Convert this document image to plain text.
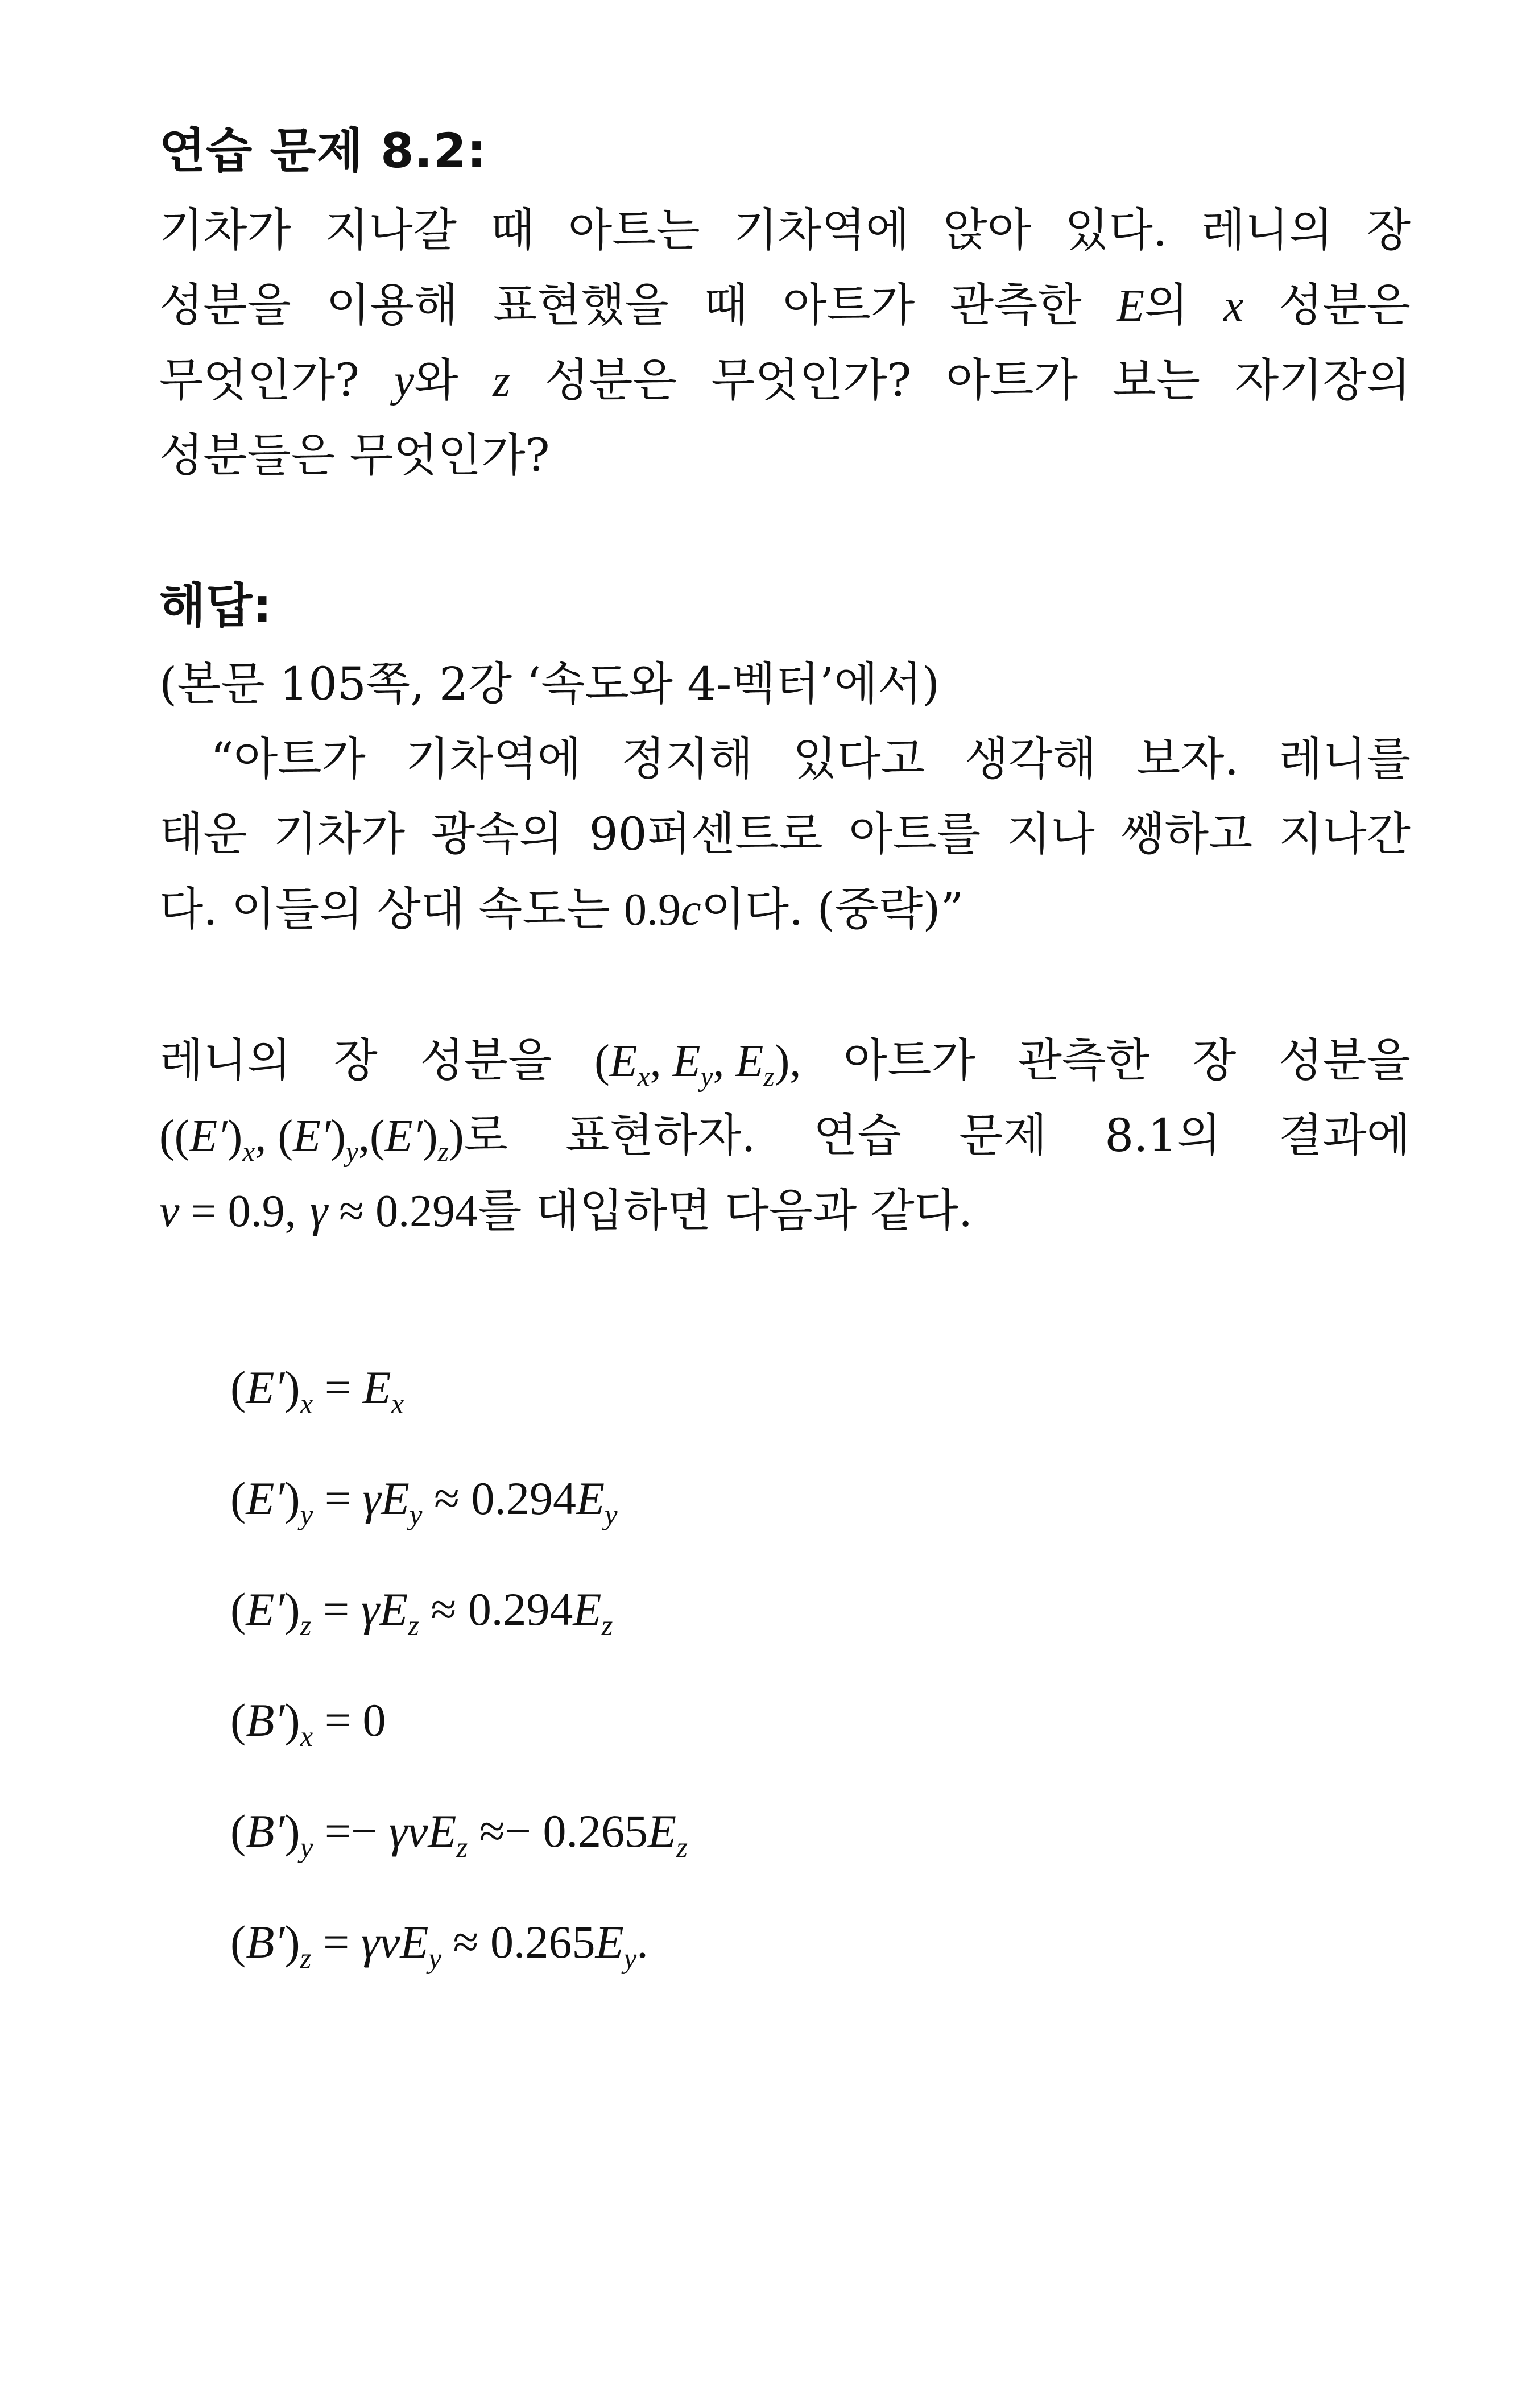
연습 문제 8.2:
기차가 지나갈 때 아트는 기차역에 앉아 있다. 레니의 장
성분을 이용해 표현했을 때 아트가 관측한 E의 x 성분은
무엇인가? y와 z 성분은 무엇인가? 아트가 보는 자기장의
성분들은 무엇인가?
해답:
(본문 105쪽, 2강 ‘속도와 4-벡터’에서)
“아트가 기차역에 정지해 있다고 생각해 보자. 레니를
태운 기차가 광속의 90퍼센트로 아트를 지나 쌩하고 지나간
다. 이들의 상대 속도는 0.9c이다. (중략)”
레니의 장 성분을 ($E_x$, $E_y$, $E_z$), 아트가 관측한 장 성분을
($(E')_x$, $(E')_y,(E')_z$)로 표현하자. 연습 문제 8.1의 결과에
v = 0.9, γ ≈ 0.294 를 대입하면 다음과 같다.
$(E')_x = E_x$
$(E')_y = \gamma E_y \approx 0.294E_y$
$(E')_z = \gamma E_z \approx 0.294E_z$
$(B')_x = 0$
$(B')_y =- \gamma vE_z \approx- 0.265E_z$
$(B')_z = \gamma vE_y \approx 0.265E_y$.
